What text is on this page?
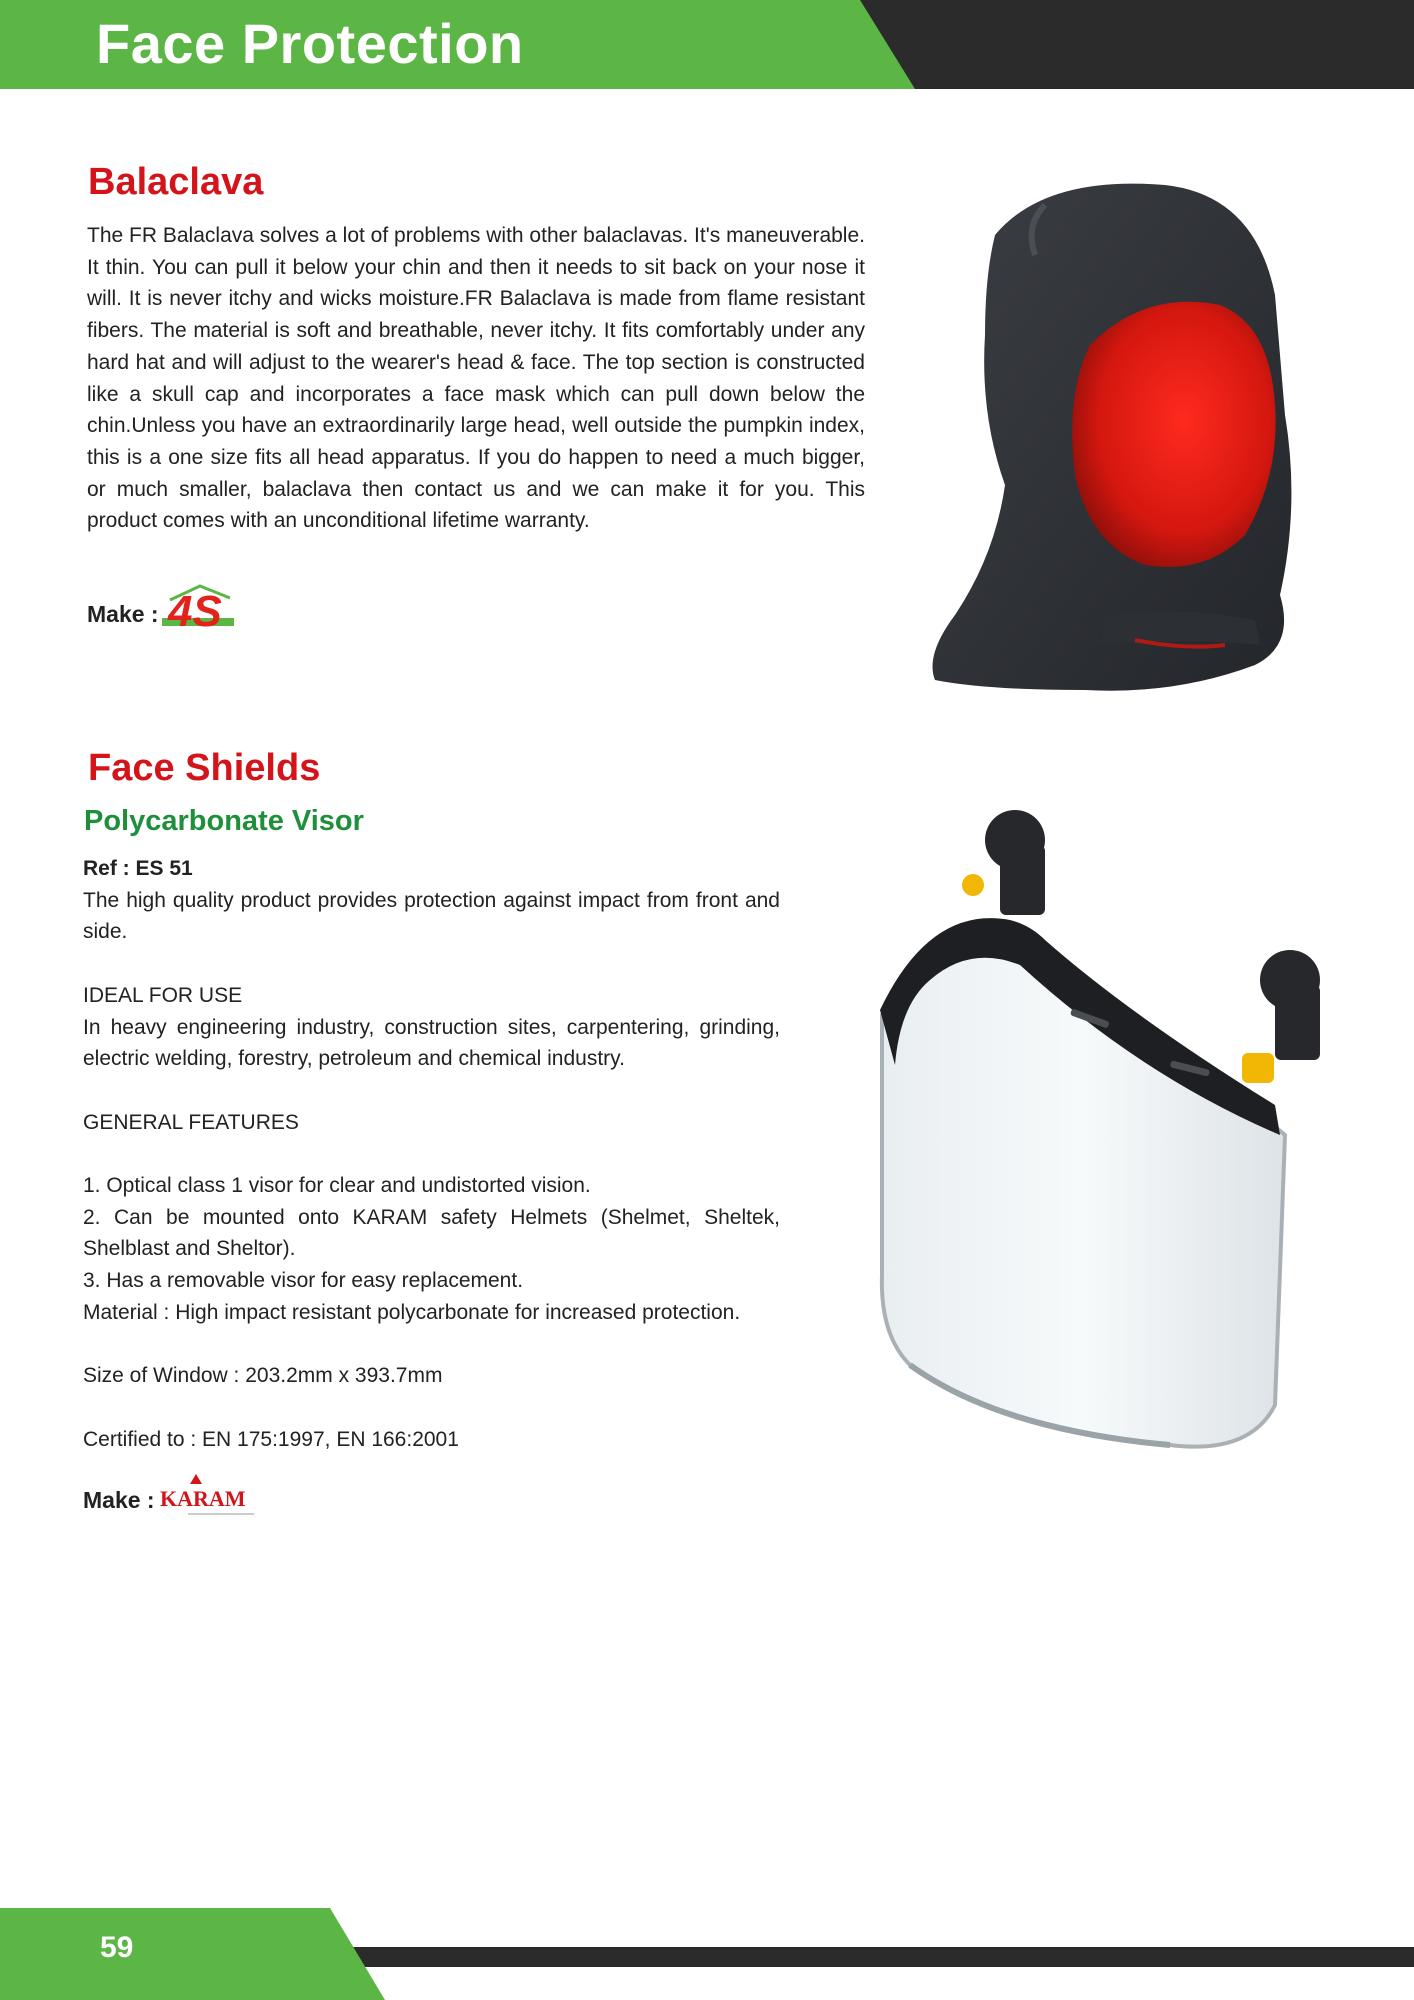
Face Protection
Balaclava

The FR Balaclava solves a lot of problems with other balaclavas. It's maneuverable. It thin. You can pull it below your chin and then it needs to sit back on your nose it will. It is never itchy and wicks moisture.FR Balaclava is made from flame resistant fibers. The material is soft and breathable, never itchy. It fits comfortably under any hard hat and will adjust to the wearer's head & face. The top section is constructed like a skull cap and incorporates a face mask which can pull down below the chin.Unless you have an extraordinarily large head, well outside the pumpkin index, this is a one size fits all head apparatus. If you do happen to need a much bigger, or much smaller, balaclava then contact us and we can make it for you. This product comes with an unconditional lifetime warranty.

Make : 4S
Face Shields
Polycarbonate Visor

Ref : ES 51

The high quality product provides protection against impact from front and side.

IDEAL FOR USE

In heavy engineering industry, construction sites, carpentering, grinding, electric welding, forestry, petroleum and chemical industry.

GENERAL FEATURES

1. Optical class 1 visor for clear and undistorted vision.

2. Can be mounted onto KARAM safety Helmets (Shelmet, Sheltek, Shelblast and Sheltor).

3. Has a removable visor for easy replacement.

Material : High impact resistant polycarbonate for increased protection.

Size of Window : 203.2mm x 393.7mm

Certified to : EN 175:1997, EN 166:2001

Make : KARAM
59
